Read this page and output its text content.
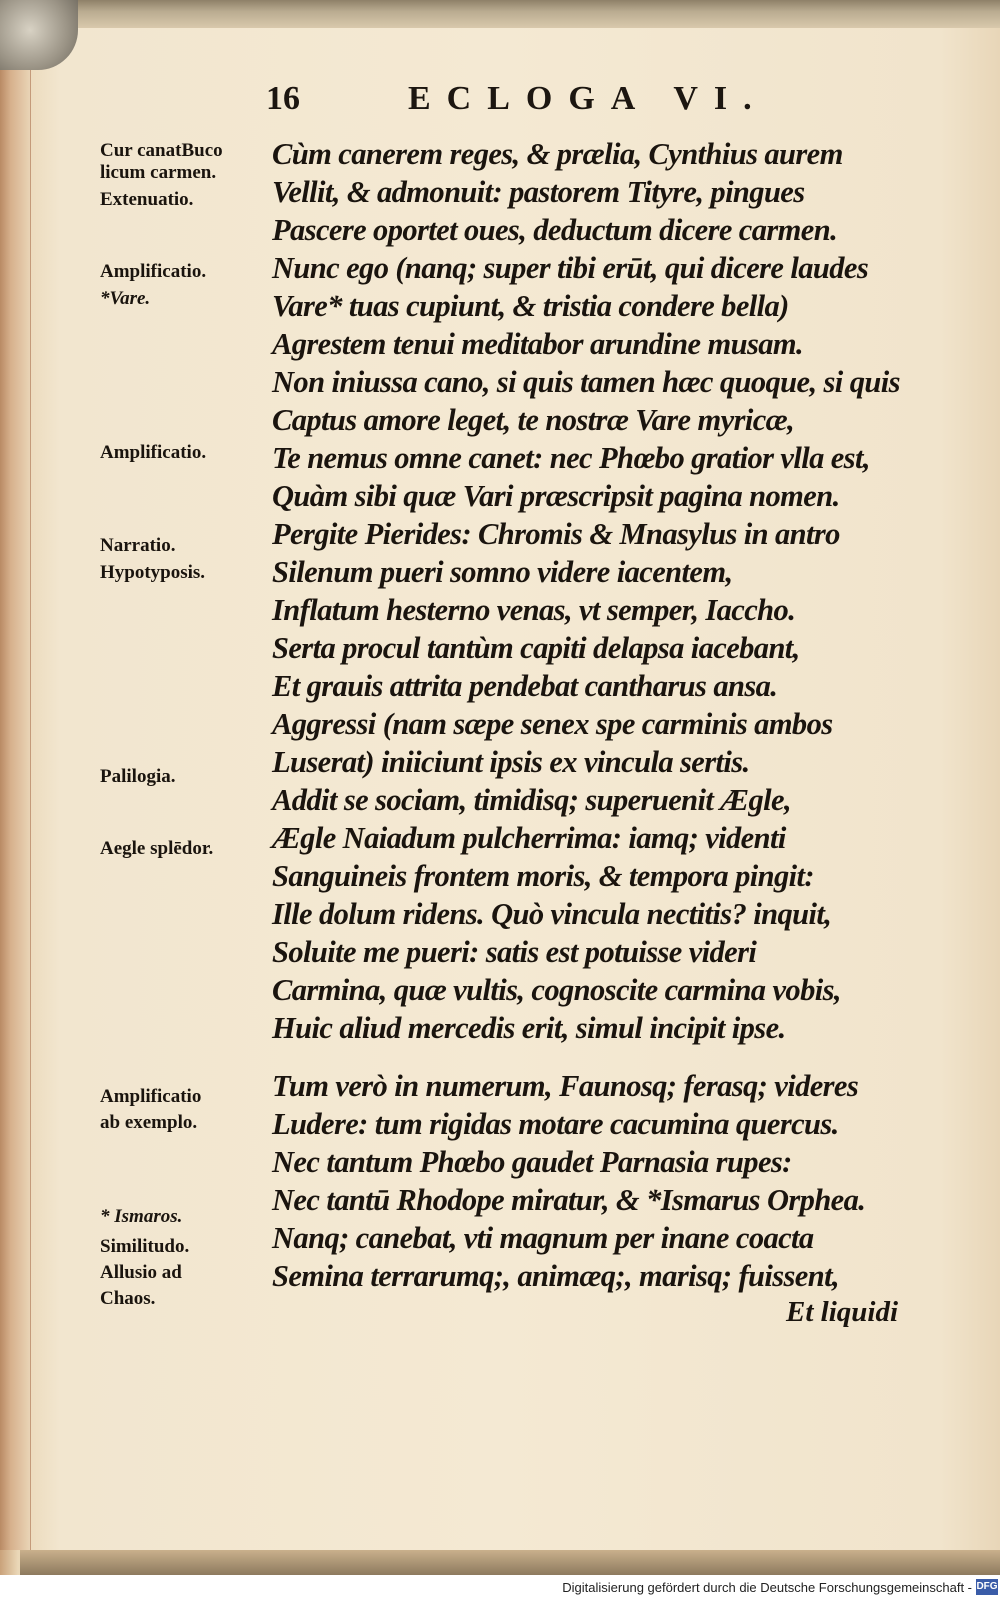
16	ECLOGA VI.
Cur canatBuco
licum carmen.
Extenuatio.
Amplificatio.
*Vare.
Amplificatio.
Narratio.
Hypotyposis.
Palilogia.
Aegle splēdor.
Amplificatio
ab exemplo.
* Ismaros.
Similitudo.
Allusio ad
Chaos.
Cùm canerem reges, & prælia, Cynthius aurem
Vellit, & admonuit: pastorem Tityre, pingues
Pascere oportet oues, deductum dicere carmen.
Nunc ego (nanq; super tibi erūt, qui dicere laudes
Vare* tuas cupiunt, & tristia condere bella)
Agrestem tenui meditabor arundine musam.
Non iniussa cano, si quis tamen hæc quoque, si quis
Captus amore leget, te nostræ Vare myricæ,
Te nemus omne canet: nec Phœbo gratior vlla est,
Quàm sibi quæ Vari præscripsit pagina nomen.
Pergite Pierides: Chromis & Mnasylus in antro
Silenum pueri somno videre iacentem,
Inflatum hesterno venas, vt semper, Iaccho.
Serta procul tantùm capiti delapsa iacebant,
Et grauis attrita pendebat cantharus ansa.
Aggressi (nam sæpe senex spe carminis ambos
Luserat) iniiciunt ipsis ex vincula sertis.
Addit se sociam, timidisq; superuenit Ægle,
Ægle Naiadum pulcherrima: iamq; videnti
Sanguineis frontem moris, & tempora pingit:
Ille dolum ridens. Quò vincula nectitis? inquit,
Soluite me pueri: satis est potuisse videri
Carmina, quæ vultis, cognoscite carmina vobis,
Huic aliud mercedis erit, simul incipit ipse.
Tum verò in numerum, Faunosq; ferasq; videres
Ludere: tum rigidas motare cacumina quercus.
Nec tantum Phœbo gaudet Parnasia rupes:
Nec tantū Rhodope miratur, & *Ismarus Orphea.
Nanq; canebat, vti magnum per inane coacta
Semina terrarumq;, animæq;, marisq; fuissent,
Et liquidi
Digitalisierung gefördert durch die Deutsche Forschungsgemeinschaft - DFG
